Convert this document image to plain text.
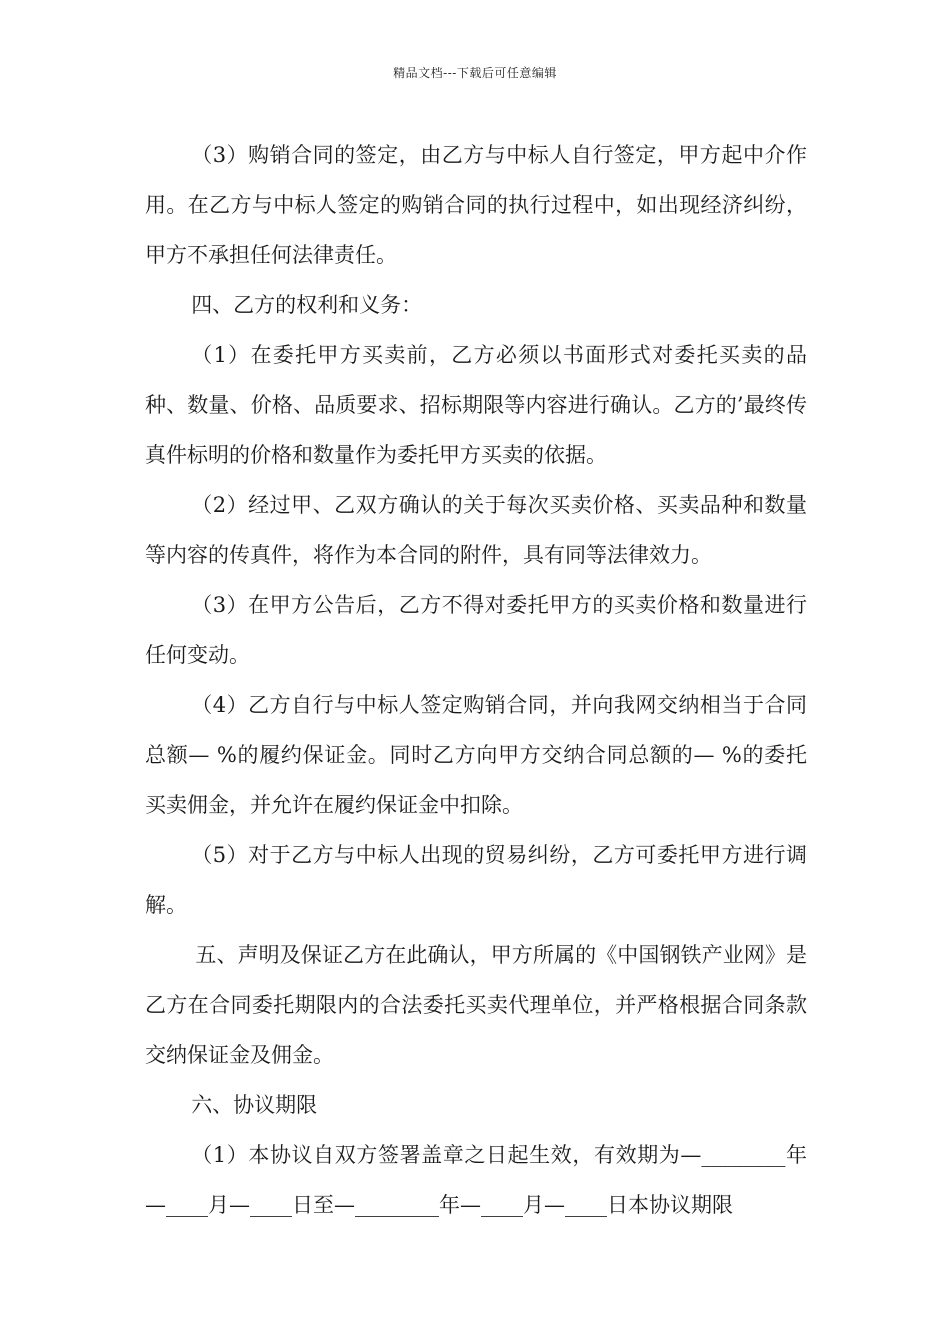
精品文档---下载后可任意编辑

（3）购销合同的签定，由乙方与中标人自行签定，甲方起中介作用。在乙方与中标人签定的购销合同的执行过程中，如出现经济纠纷，甲方不承担任何法律责任。

四、乙方的权利和义务：

（1）在委托甲方买卖前，乙方必须以书面形式对委托买卖的品种、数量、价格、品质要求、招标期限等内容进行确认。乙方的’最终传真件标明的价格和数量作为委托甲方买卖的依据。

（2）经过甲、乙双方确认的关于每次买卖价格、买卖品种和数量等内容的传真件，将作为本合同的附件，具有同等法律效力。

（3）在甲方公告后，乙方不得对委托甲方的买卖价格和数量进行任何变动。

（4）乙方自行与中标人签定购销合同，并向我网交纳相当于合同总额— %的履约保证金。同时乙方向甲方交纳合同总额的— %的委托买卖佣金，并允许在履约保证金中扣除。

（5）对于乙方与中标人出现的贸易纠纷，乙方可委托甲方进行调解。

五、声明及保证乙方在此确认，甲方所属的《中国钢铁产业网》是乙方在合同委托期限内的合法委托买卖代理单位，并严格根据合同条款交纳保证金及佣金。

六、协议期限

（1）本协议自双方签署盖章之日起生效，有效期为—________年—____月—____日至—________年—____月—____日本协议期限
